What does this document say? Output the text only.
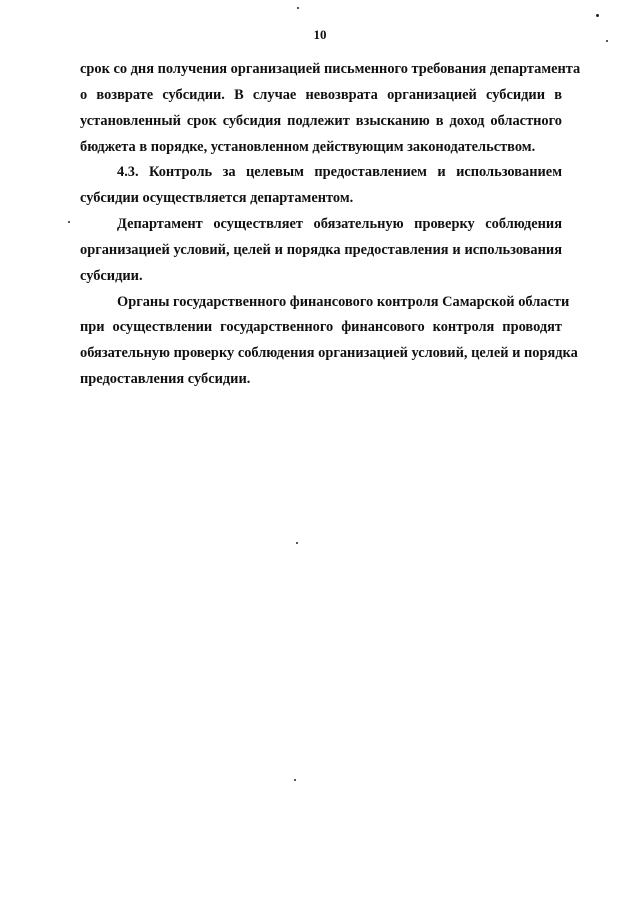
10
срок со дня получения организацией письменного требования департамента
о возврате субсидии. В случае невозврата организацией субсидии в
установленный срок субсидия подлежит взысканию в доход областного
бюджета в порядке, установленном действующим законодательством.
4.3. Контроль за целевым предоставлением и использованием
субсидии осуществляется департаментом.
Департамент осуществляет обязательную проверку соблюдения
организацией условий, целей и порядка предоставления и использования
субсидии.
Органы государственного финансового контроля Самарской области
при осуществлении государственного финансового контроля проводят
обязательную проверку соблюдения организацией условий, целей и порядка
предоставления субсидии.
